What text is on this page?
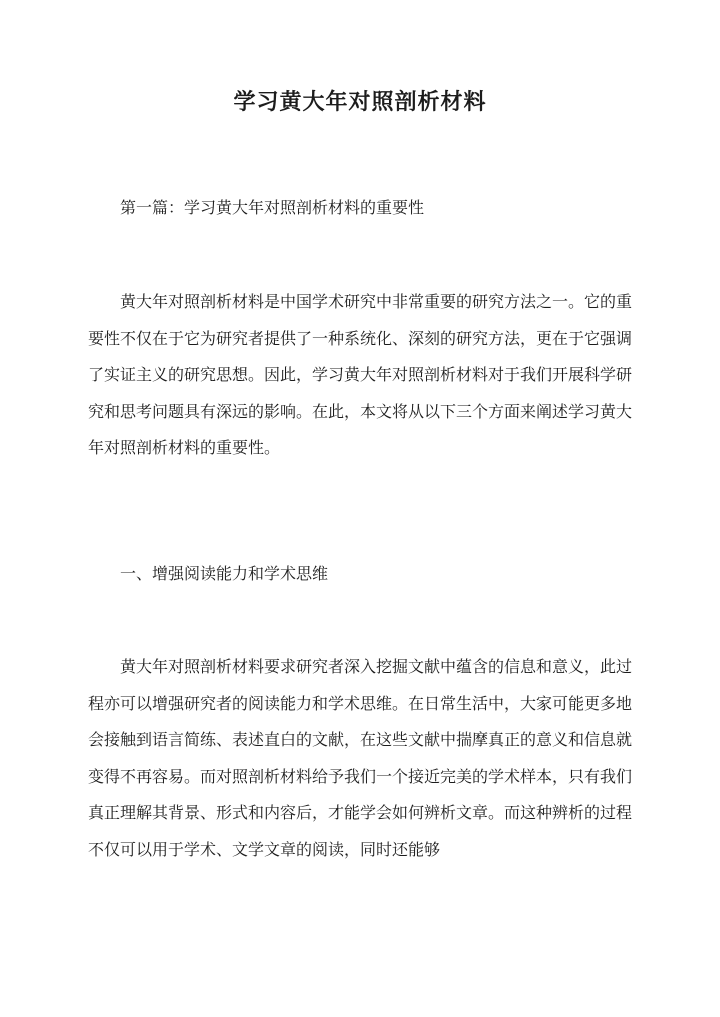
学习黄大年对照剖析材料
第一篇：学习黄大年对照剖析材料的重要性

黄大年对照剖析材料是中国学术研究中非常重要的研究方法之一。它的重要性不仅在于它为研究者提供了一种系统化、深刻的研究方法，更在于它强调了实证主义的研究思想。因此，学习黄大年对照剖析材料对于我们开展科学研究和思考问题具有深远的影响。在此，本文将从以下三个方面来阐述学习黄大年对照剖析材料的重要性。

一、增强阅读能力和学术思维

黄大年对照剖析材料要求研究者深入挖掘文献中蕴含的信息和意义，此过程亦可以增强研究者的阅读能力和学术思维。在日常生活中，大家可能更多地会接触到语言简练、表述直白的文献，在这些文献中揣摩真正的意义和信息就变得不再容易。而对照剖析材料给予我们一个接近完美的学术样本，只有我们真正理解其背景、形式和内容后，才能学会如何辨析文章。而这种辨析的过程不仅可以用于学术、文学文章的阅读，同时还能够
